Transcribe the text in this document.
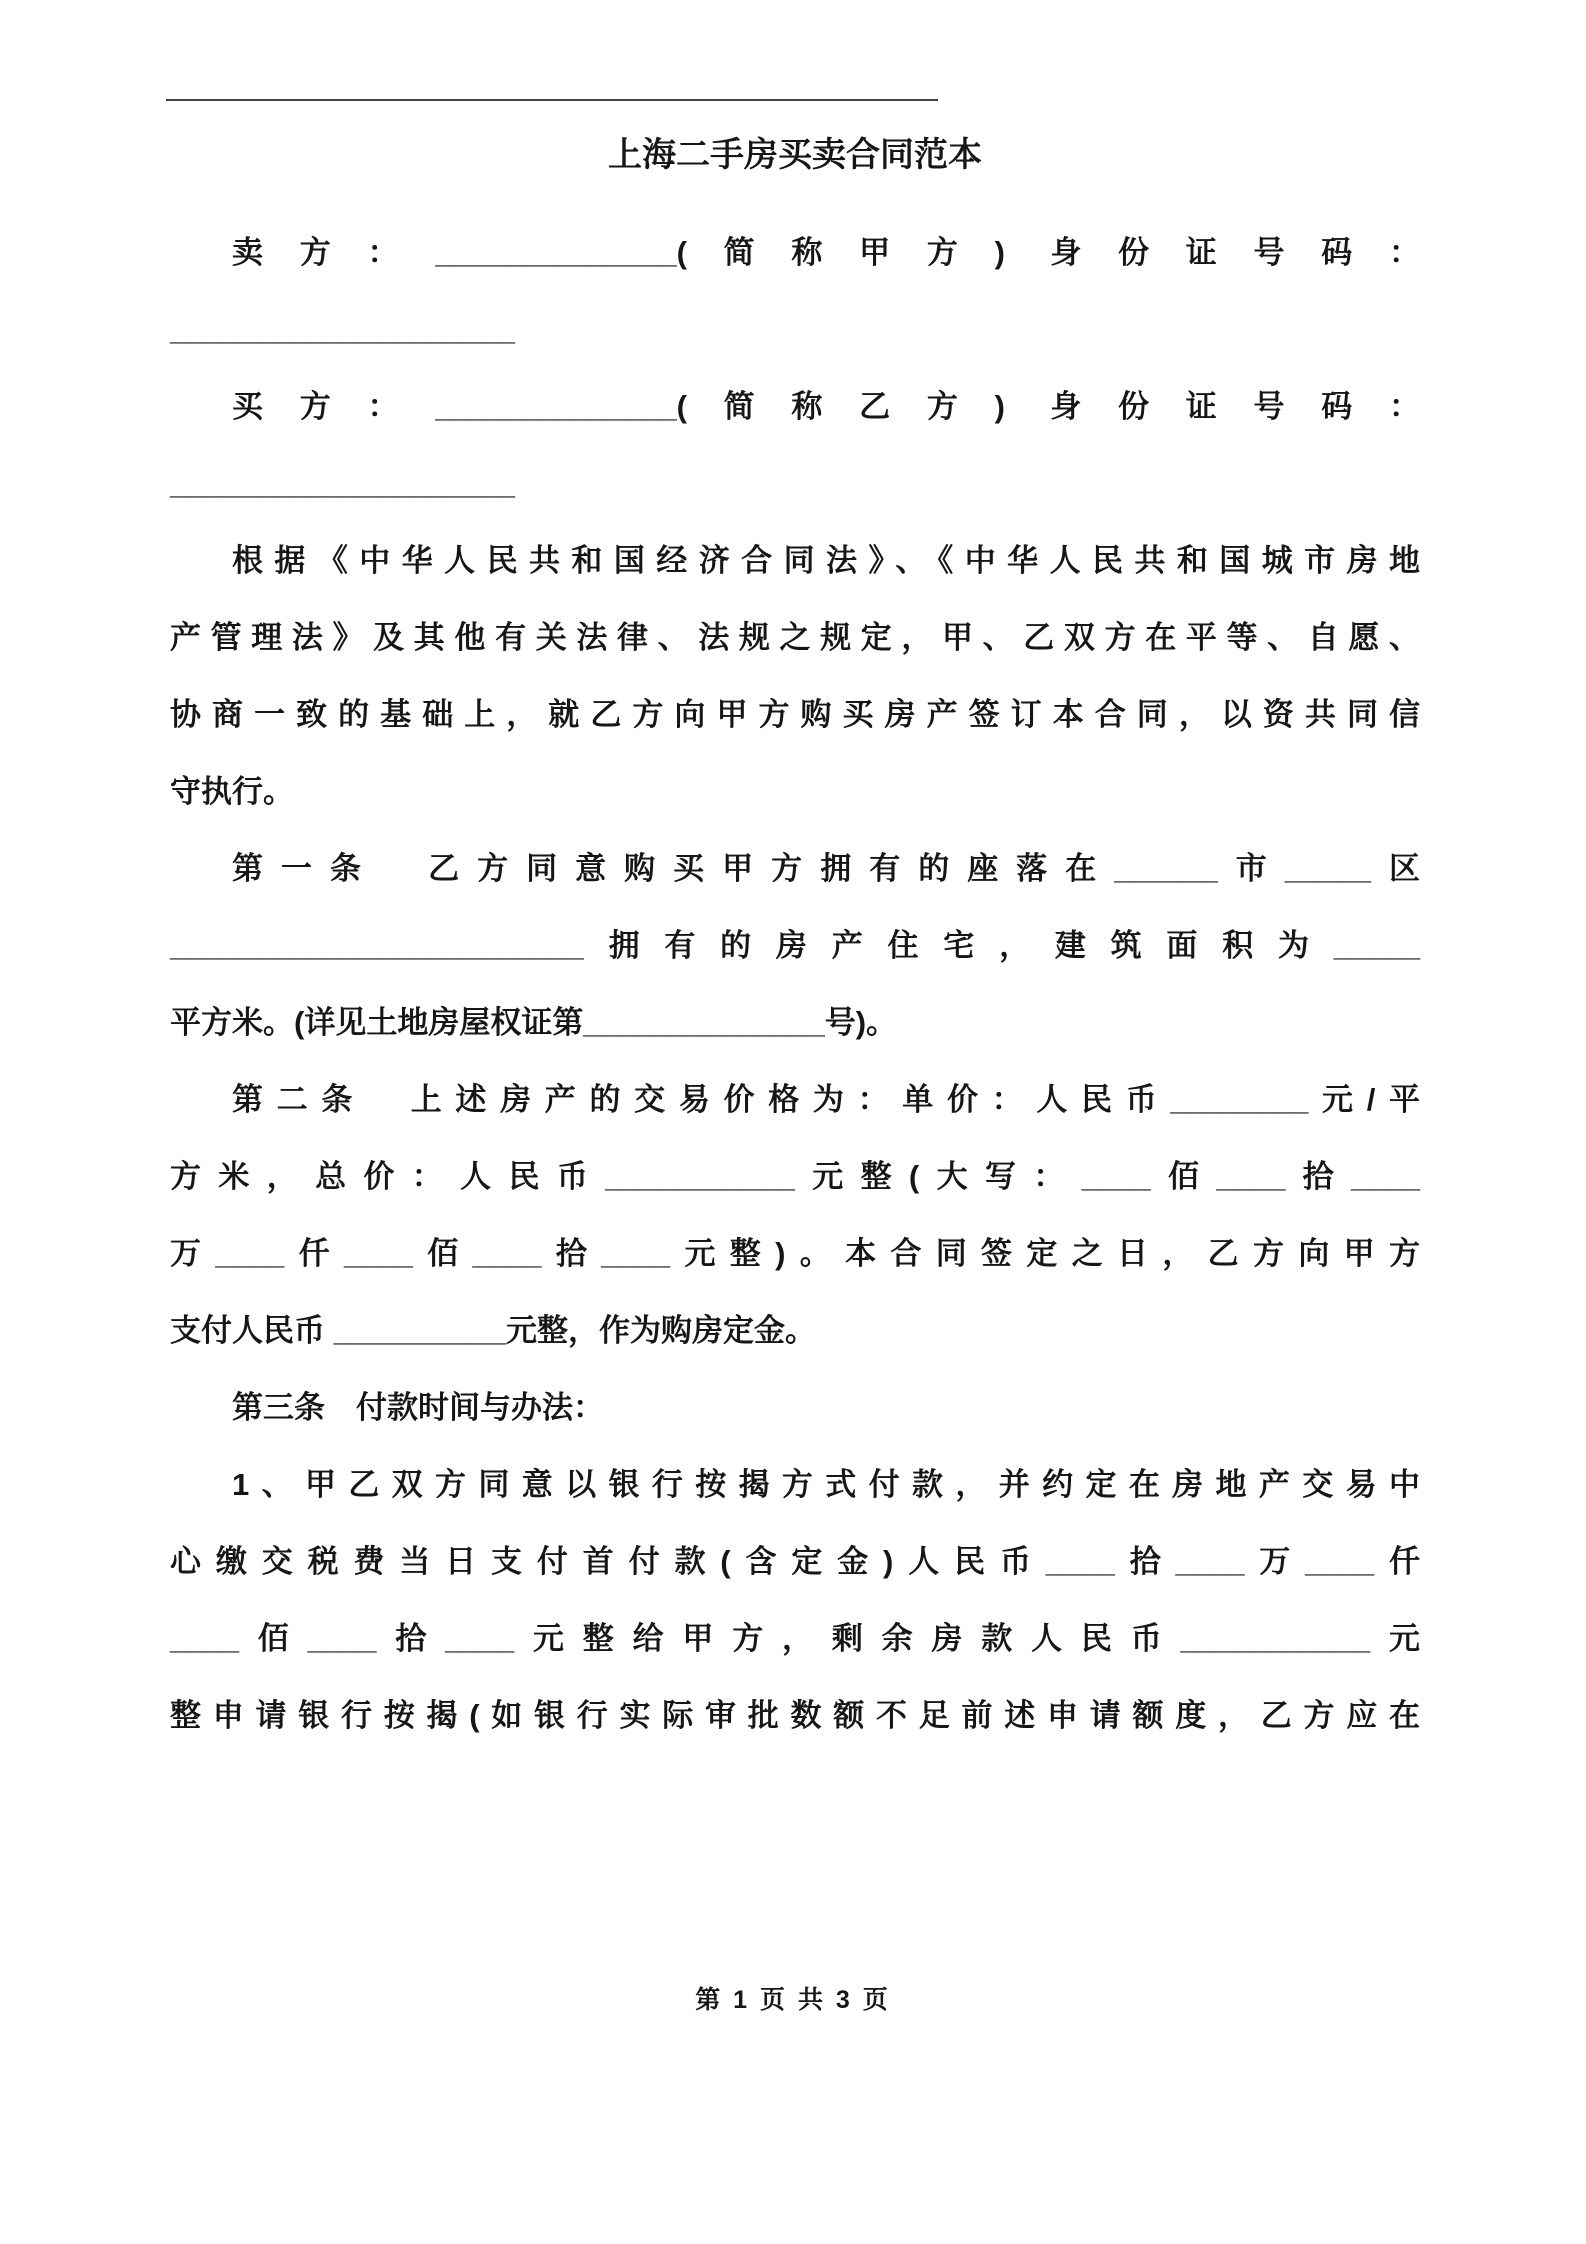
上海二手房买卖合同范本
卖方：______________(简称甲方) 身份证号码：
____________________
买方：______________(简称乙方) 身份证号码：
____________________
根据《中华人民共和国经济合同法》、《中华人民共和国城市房地
产管理法》及其他有关法律、法规之规定，甲、乙双方在平等、自愿、
协商一致的基础上，就乙方向甲方购买房产签订本合同，以资共同信
守执行。
第一条　乙方同意购买甲方拥有的座落在______市_____区
________________________拥有的房产住宅，建筑面积为_____
平方米。(详见土地房屋权证第______________号)。
第二条　上述房产的交易价格为：单价：人民币________元/平
方米，总价：人民币___________元整(大写：____佰____拾____
万____仟____佰____拾____元整)。本合同签定之日，乙方向甲方
支付人民币 __________元整，作为购房定金。
第三条　付款时间与办法：
1、甲乙双方同意以银行按揭方式付款，并约定在房地产交易中
心缴交税费当日支付首付款(含定金)人民币____拾____万____仟
____佰____拾____元整给甲方，剩余房款人民币___________元
整申请银行按揭(如银行实际审批数额不足前述申请额度，乙方应在
第 1 页 共 3 页
